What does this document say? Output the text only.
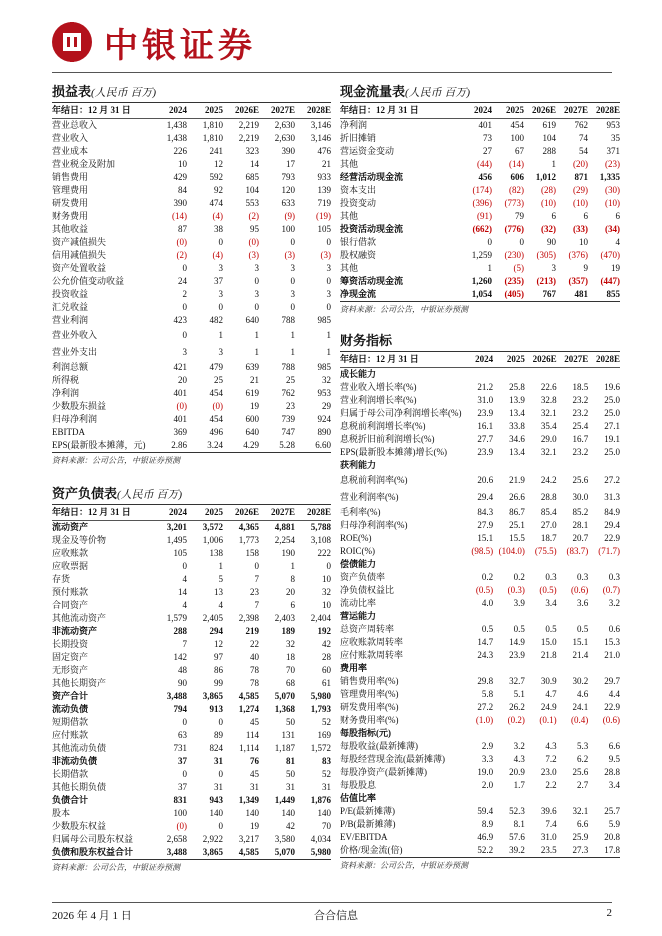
中银证券
损益表(人民币 百万)
年结日：12 月 31 日	2024	2025	2026E	2027E	2028E
营业总收入	1,438	1,810	2,219	2,630	3,146
营业收入	1,438	1,810	2,219	2,630	3,146
营业成本	226	241	323	390	476
营业税金及附加	10	12	14	17	21
销售费用	429	592	685	793	933
管理费用	84	92	104	120	139
研发费用	390	474	553	633	719
财务费用	(14)	(4)	(2)	(9)	(19)
其他收益	87	38	95	100	105
资产减值损失	(0)	0	(0)	0	0
信用减值损失	(2)	(4)	(3)	(3)	(3)
资产处置收益	0	3	3	3	3
公允价值变动收益	24	37	0	0	0
投资收益	2	3	3	3	3
汇兑收益	0	0	0	0	0
营业利润	423	482	640	788	985
营业外收入	0	1	1	1	1
营业外支出	3	3	1	1	1
利润总额	421	479	639	788	985
所得税	20	25	21	25	32
净利润	401	454	619	762	953
少数股东损益	(0)	(0)	19	23	29
归母净利润	401	454	600	739	924
EBITDA	369	496	640	747	890
EPS(最新股本摊薄，元)	2.86	3.24	4.29	5.28	6.60
资料来源：公司公告，中银证券预测
资产负债表(人民币 百万)
年结日：12 月 31 日	2024	2025	2026E	2027E	2028E
流动资产	3,201	3,572	4,365	4,881	5,788
现金及等价物	1,495	1,006	1,773	2,254	3,108
应收账款	105	138	158	190	222
应收票据	0	1	0	1	0
存货	4	5	7	8	10
预付账款	14	13	23	20	32
合同资产	4	4	7	6	10
其他流动资产	1,579	2,405	2,398	2,403	2,404
非流动资产	288	294	219	189	192
长期投资	7	12	22	32	42
固定资产	142	97	40	18	28
无形资产	48	86	78	70	60
其他长期资产	90	99	78	68	61
资产合计	3,488	3,865	4,585	5,070	5,980
流动负债	794	913	1,274	1,368	1,793
短期借款	0	0	45	50	52
应付账款	63	89	114	131	169
其他流动负债	731	824	1,114	1,187	1,572
非流动负债	37	31	76	81	83
长期借款	0	0	45	50	52
其他长期负债	37	31	31	31	31
负债合计	831	943	1,349	1,449	1,876
股本	100	140	140	140	140
少数股东权益	(0)	0	19	42	70
归属母公司股东权益	2,658	2,922	3,217	3,580	4,034
负债和股东权益合计	3,488	3,865	4,585	5,070	5,980
资料来源：公司公告，中银证券预测
现金流量表(人民币 百万)
年结日：12 月 31 日	2024	2025	2026E	2027E	2028E
净利润	401	454	619	762	953
折旧摊销	73	100	104	74	35
营运资金变动	27	67	288	54	371
其他	(44)	(14)	1	(20)	(23)
经营活动现金流	456	606	1,012	871	1,335
资本支出	(174)	(82)	(28)	(29)	(30)
投资变动	(396)	(773)	(10)	(10)	(10)
其他	(91)	79	6	6	6
投资活动现金流	(662)	(776)	(32)	(33)	(34)
银行借款	0	0	90	10	4
股权融资	1,259	(230)	(305)	(376)	(470)
其他	1	(5)	3	9	19
筹资活动现金流	1,260	(235)	(213)	(357)	(447)
净现金流	1,054	(405)	767	481	855
资料来源：公司公告，中银证券预测
财务指标
年结日：12 月 31 日	2024	2025	2026E	2027E	2028E
成长能力					
营业收入增长率(%)	21.2	25.8	22.6	18.5	19.6
营业利润增长率(%)	31.0	13.9	32.8	23.2	25.0
归属于母公司净利润增长率(%)	23.9	13.4	32.1	23.2	25.0
息税前利润增长率(%)	16.1	33.8	35.4	25.4	27.1
息税折旧前利润增长(%)	27.7	34.6	29.0	16.7	19.1
EPS(最新股本摊薄)增长(%)	23.9	13.4	32.1	23.2	25.0
获利能力					
息税前利润率(%)	20.6	21.9	24.2	25.6	27.2
营业利润率(%)	29.4	26.6	28.8	30.0	31.3
毛利率(%)	84.3	86.7	85.4	85.2	84.9
归母净利润率(%)	27.9	25.1	27.0	28.1	29.4
ROE(%)	15.1	15.5	18.7	20.7	22.9
ROIC(%)	(98.5)	(104.0)	(75.5)	(83.7)	(71.7)
偿债能力					
资产负债率	0.2	0.2	0.3	0.3	0.3
净负债权益比	(0.5)	(0.3)	(0.5)	(0.6)	(0.7)
流动比率	4.0	3.9	3.4	3.6	3.2
营运能力					
总资产周转率	0.5	0.5	0.5	0.5	0.6
应收账款周转率	14.7	14.9	15.0	15.1	15.3
应付账款周转率	24.3	23.9	21.8	21.4	21.0
费用率					
销售费用率(%)	29.8	32.7	30.9	30.2	29.7
管理费用率(%)	5.8	5.1	4.7	4.6	4.4
研发费用率(%)	27.2	26.2	24.9	24.1	22.9
财务费用率(%)	(1.0)	(0.2)	(0.1)	(0.4)	(0.6)
每股指标(元)					
每股收益(最新摊薄)	2.9	3.2	4.3	5.3	6.6
每股经营现金流(最新摊薄)	3.3	4.3	7.2	6.2	9.5
每股净资产(最新摊薄)	19.0	20.9	23.0	25.6	28.8
每股股息	2.0	1.7	2.2	2.7	3.4
估值比率					
P/E(最新摊薄)	59.4	52.3	39.6	32.1	25.7
P/B(最新摊薄)	8.9	8.1	7.4	6.6	5.9
EV/EBITDA	46.9	57.6	31.0	25.9	20.8
价格/现金流(倍)	52.2	39.2	23.5	27.3	17.8
资料来源：公司公告，中银证券预测
2026 年 4 月 1 日	合合信息	2
